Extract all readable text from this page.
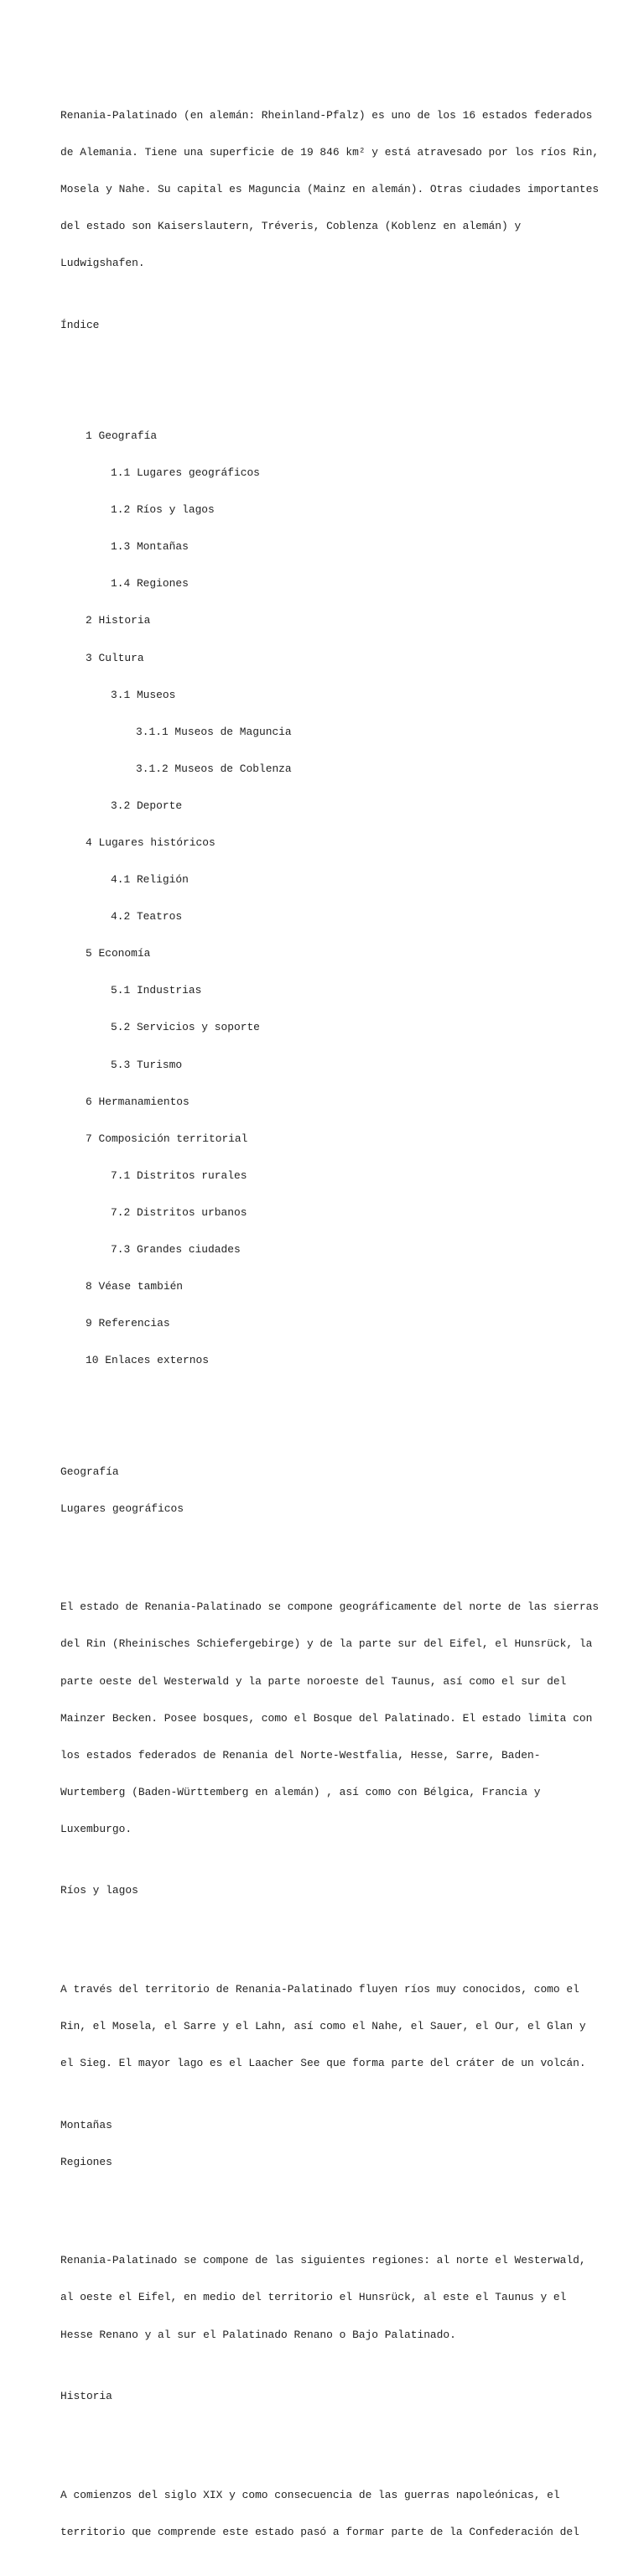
Renania-Palatinado (en alemán: Rheinland-Pfalz) es uno de los 16 estados federados

de Alemania. Tiene una superficie de 19 846 km² y está atravesado por los ríos Rin,

Mosela y Nahe. Su capital es Maguncia (Mainz en alemán). Otras ciudades importantes

del estado son Kaiserslautern, Tréveris, Coblenza (Koblenz en alemán) y

Ludwigshafen.

Índice

1 Geografía

1.1 Lugares geográficos

1.2 Ríos y lagos

1.3 Montañas

1.4 Regiones

2 Historia

3 Cultura

3.1 Museos

3.1.1 Museos de Maguncia

3.1.2 Museos de Coblenza

3.2 Deporte

4 Lugares históricos

4.1 Religión

4.2 Teatros

5 Economía

5.1 Industrias

5.2 Servicios y soporte

5.3 Turismo

6 Hermanamientos

7 Composición territorial

7.1 Distritos rurales

7.2 Distritos urbanos

7.3 Grandes ciudades

8 Véase también

9 Referencias

10 Enlaces externos

Geografía

Lugares geográficos

El estado de Renania-Palatinado se compone geográficamente del norte de las sierras

del Rin (Rheinisches Schiefergebirge) y de la parte sur del Eifel, el Hunsrück, la

parte oeste del Westerwald y la parte noroeste del Taunus, así como el sur del

Mainzer Becken. Posee bosques, como el Bosque del Palatinado. El estado limita con

los estados federados de Renania del Norte-Westfalia, Hesse, Sarre, Baden-

Wurtemberg (Baden-Württemberg en alemán) , así como con Bélgica, Francia y

Luxemburgo.

Ríos y lagos

A través del territorio de Renania-Palatinado fluyen ríos muy conocidos, como el

Rin, el Mosela, el Sarre y el Lahn, así como el Nahe, el Sauer, el Our, el Glan y

el Sieg. El mayor lago es el Laacher See que forma parte del cráter de un volcán.

Montañas

Regiones

Renania-Palatinado se compone de las siguientes regiones: al norte el Westerwald,

al oeste el Eifel, en medio del territorio el Hunsrück, al este el Taunus y el

Hesse Renano y al sur el Palatinado Renano o Bajo Palatinado.

Historia

A comienzos del siglo XIX y como consecuencia de las guerras napoleónicas, el

territorio que comprende este estado pasó a formar parte de la Confederación del
